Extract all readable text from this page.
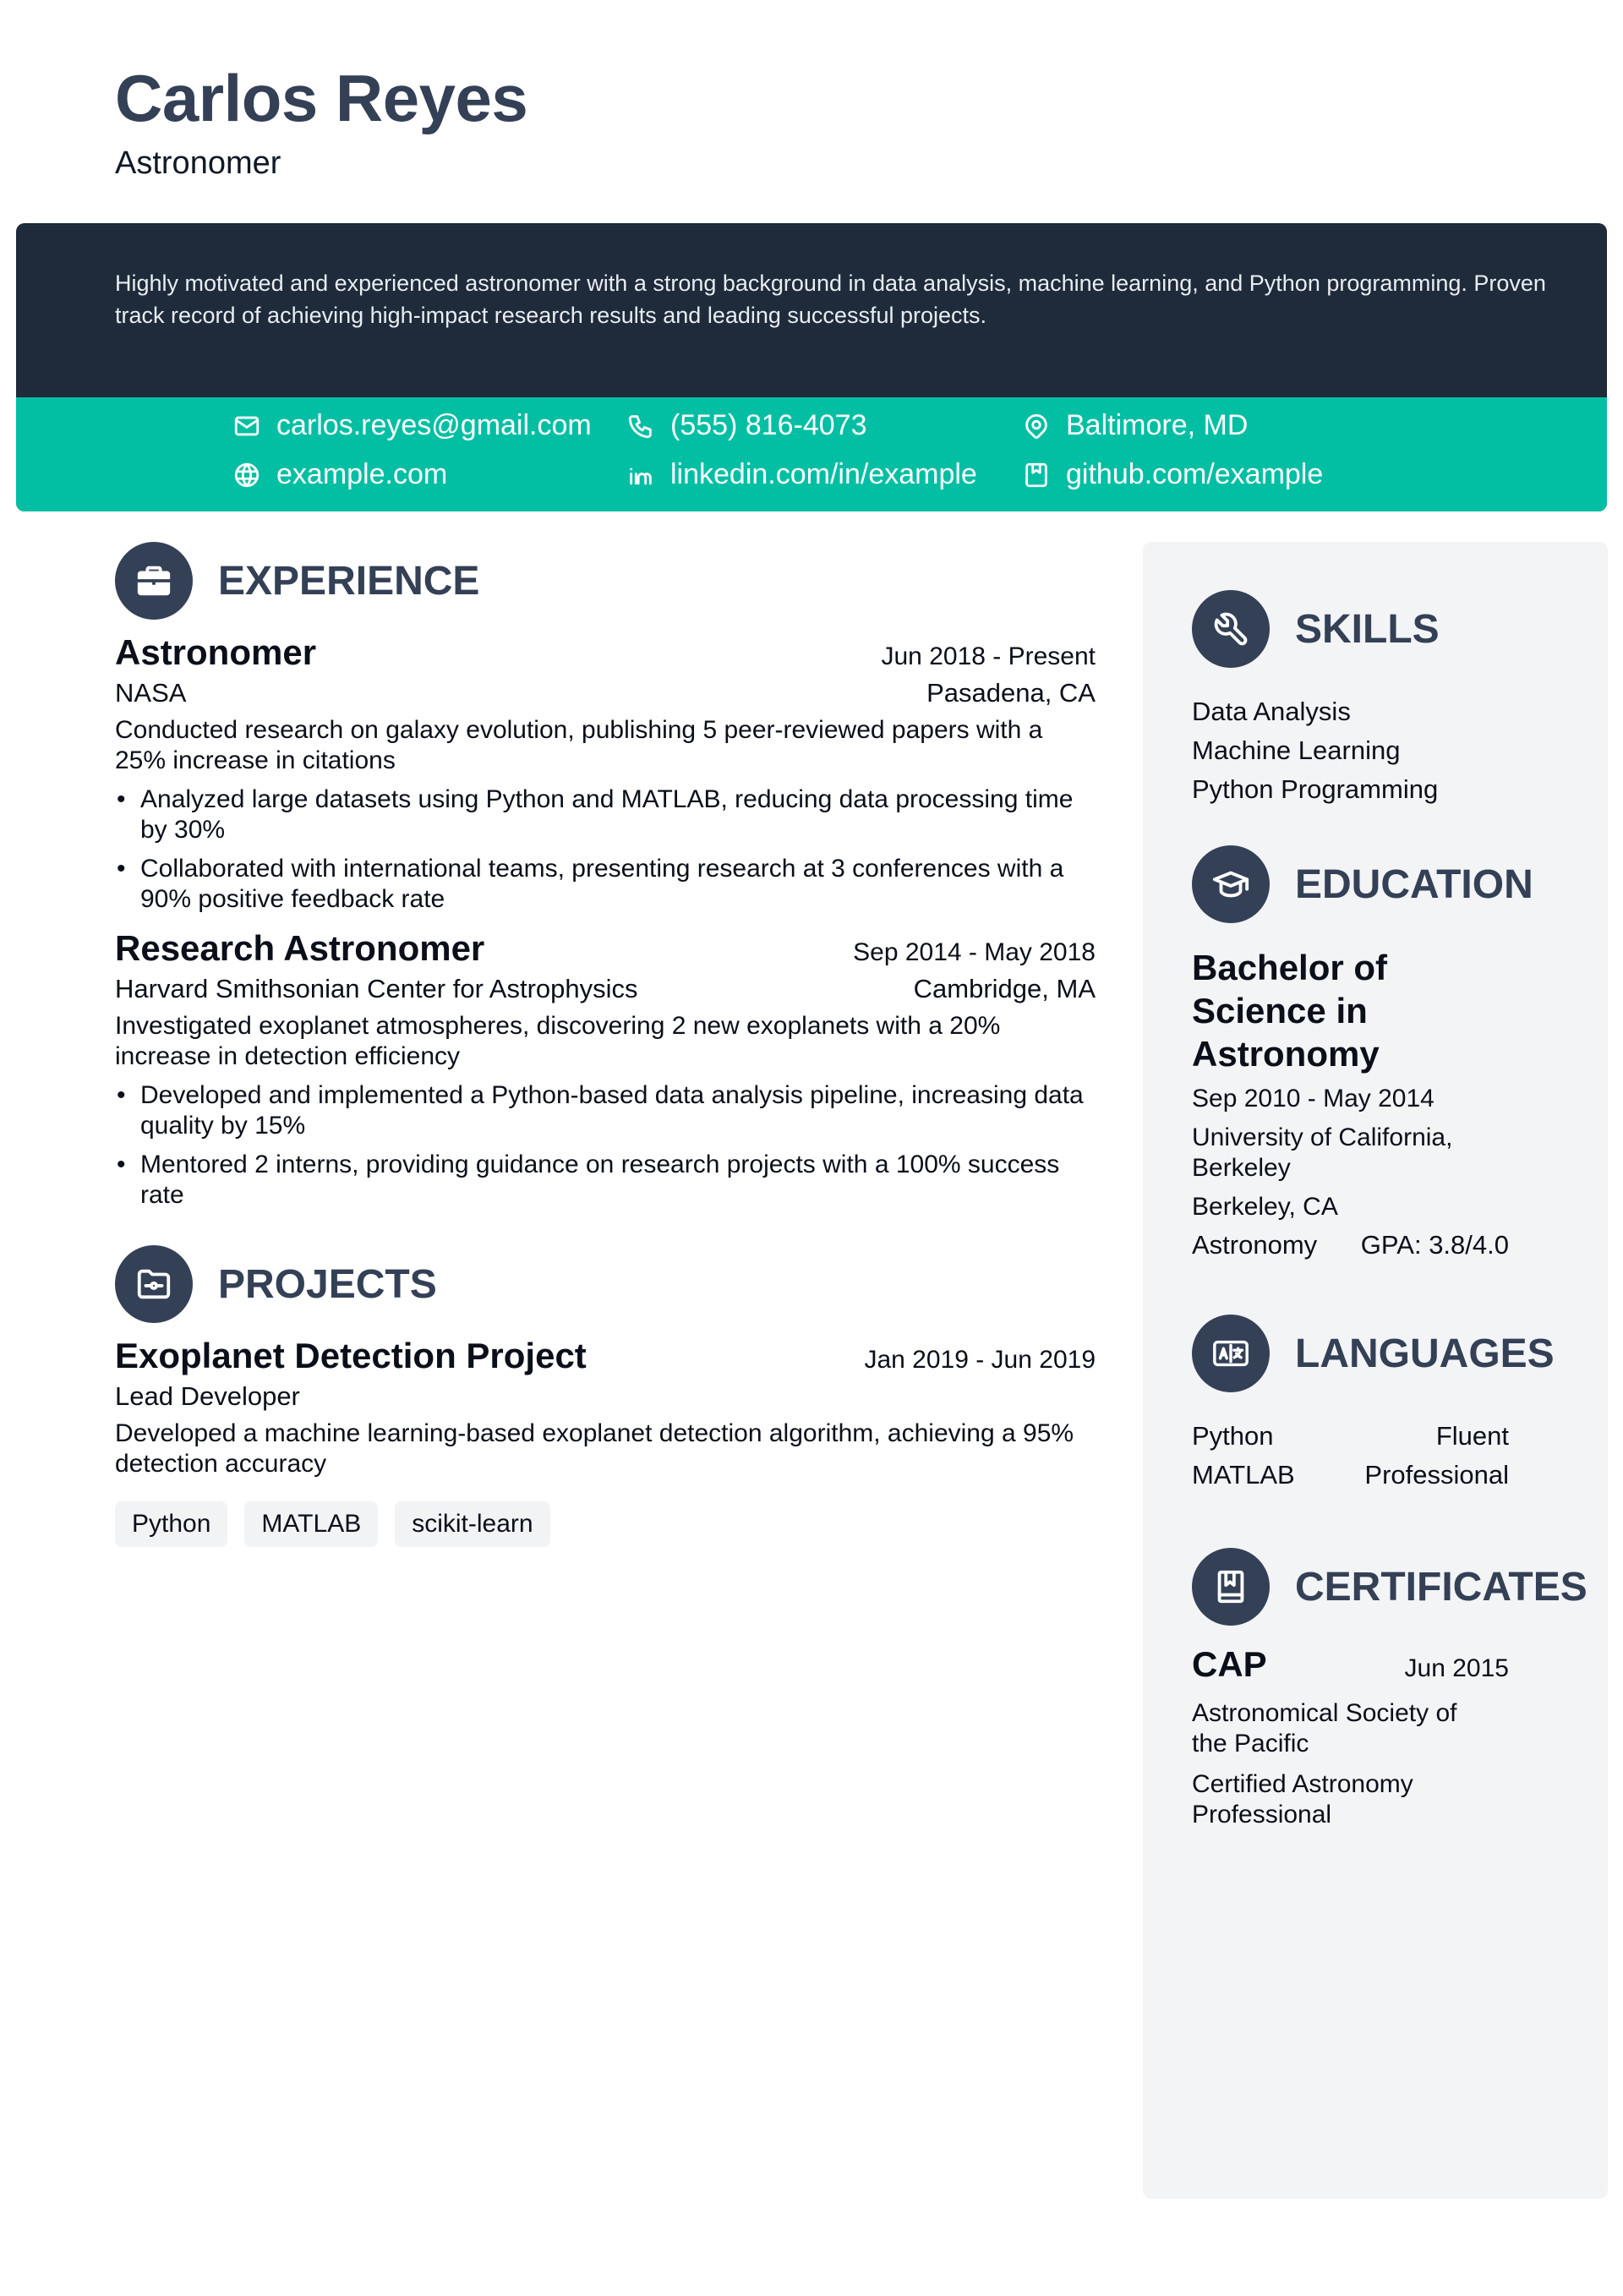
Carlos Reyes
Astronomer
Highly motivated and experienced astronomer with a strong background in data analysis, machine learning, and Python programming. Proven track record of achieving high-impact research results and leading successful projects.
carlos.reyes@gmail.com	(555) 816-4073	Baltimore, MD
example.com	linkedin.com/in/example	github.com/example
EXPERIENCE
Astronomer	Jun 2018 - Present
NASA	Pasadena, CA
Conducted research on galaxy evolution, publishing 5 peer-reviewed papers with a 25% increase in citations
• Analyzed large datasets using Python and MATLAB, reducing data processing time by 30%
• Collaborated with international teams, presenting research at 3 conferences with a 90% positive feedback rate
Research Astronomer	Sep 2014 - May 2018
Harvard Smithsonian Center for Astrophysics	Cambridge, MA
Investigated exoplanet atmospheres, discovering 2 new exoplanets with a 20% increase in detection efficiency
• Developed and implemented a Python-based data analysis pipeline, increasing data quality by 15%
• Mentored 2 interns, providing guidance on research projects with a 100% success rate
PROJECTS
Exoplanet Detection Project	Jan 2019 - Jun 2019
Lead Developer
Developed a machine learning-based exoplanet detection algorithm, achieving a 95% detection accuracy
Python	MATLAB	scikit-learn
SKILLS
Data Analysis
Machine Learning
Python Programming
EDUCATION
Bachelor of Science in Astronomy
Sep 2010 - May 2014
University of California, Berkeley
Berkeley, CA
Astronomy GPA: 3.8/4.0
LANGUAGES
Python	Fluent
MATLAB	Professional
CERTIFICATES
CAP	Jun 2015
Astronomical Society of the Pacific
Certified Astronomy Professional
